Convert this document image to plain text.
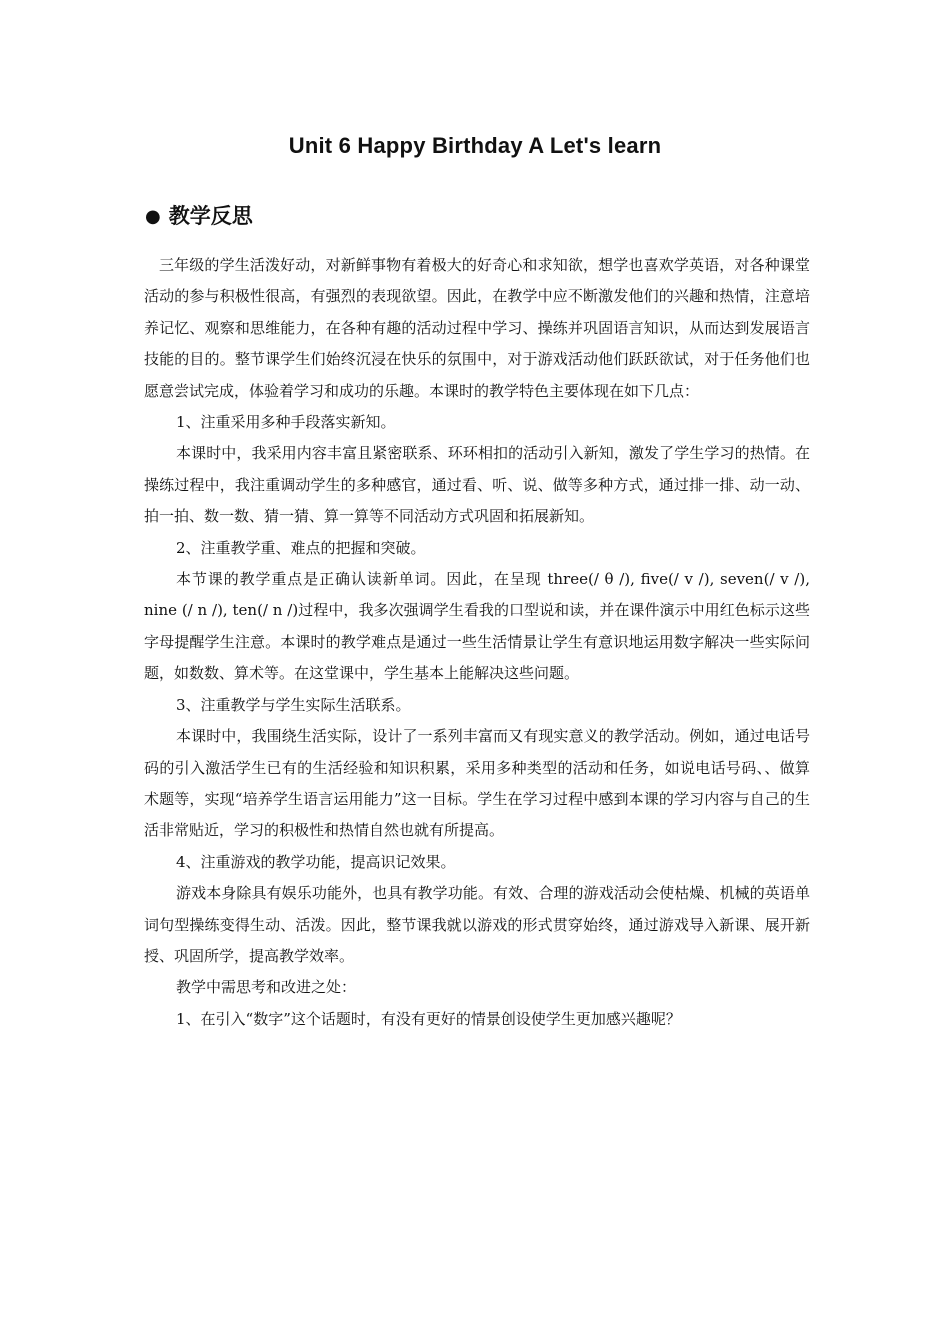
Unit 6 Happy Birthday A Let's learn
● 教学反思

三年级的学生活泼好动，对新鲜事物有着极大的好奇心和求知欲，想学也喜欢学英语，对各种课堂活动的参与积极性很高，有强烈的表现欲望。因此，在教学中应不断激发他们的兴趣和热情，注意培养记忆、观察和思维能力，在各种有趣的活动过程中学习、操练并巩固语言知识，从而达到发展语言技能的目的。整节课学生们始终沉浸在快乐的氛围中，对于游戏活动他们跃跃欲试，对于任务他们也愿意尝试完成，体验着学习和成功的乐趣。本课时的教学特色主要体现在如下几点：

1、注重采用多种手段落实新知。

本课时中，我采用内容丰富且紧密联系、环环相扣的活动引入新知，激发了学生学习的热情。在操练过程中，我注重调动学生的多种感官，通过看、听、说、做等多种方式，通过排一排、动一动、拍一拍、数一数、猜一猜、算一算等不同活动方式巩固和拓展新知。

2、注重教学重、难点的把握和突破。

本节课的教学重点是正确认读新单词。因此，在呈现 three(/ θ /), five(/ v /), seven(/ v /), nine (/ n /), ten(/ n /)过程中，我多次强调学生看我的口型说和读，并在课件演示中用红色标示这些字母提醒学生注意。本课时的教学难点是通过一些生活情景让学生有意识地运用数字解决一些实际问题，如数数、算术等。在这堂课中，学生基本上能解决这些问题。

3、注重教学与学生实际生活联系。

本课时中，我围绕生活实际，设计了一系列丰富而又有现实意义的教学活动。例如，通过电话号码的引入激活学生已有的生活经验和知识积累，采用多种类型的活动和任务，如说电话号码、、做算术题等，实现“培养学生语言运用能力”这一目标。学生在学习过程中感到本课的学习内容与自己的生活非常贴近，学习的积极性和热情自然也就有所提高。

4、注重游戏的教学功能，提高识记效果。

游戏本身除具有娱乐功能外，也具有教学功能。有效、合理的游戏活动会使枯燥、机械的英语单词句型操练变得生动、活泼。因此，整节课我就以游戏的形式贯穿始终，通过游戏导入新课、展开新授、巩固所学，提高教学效率。

教学中需思考和改进之处：

1、在引入“数字”这个话题时，有没有更好的情景创设使学生更加感兴趣呢？
